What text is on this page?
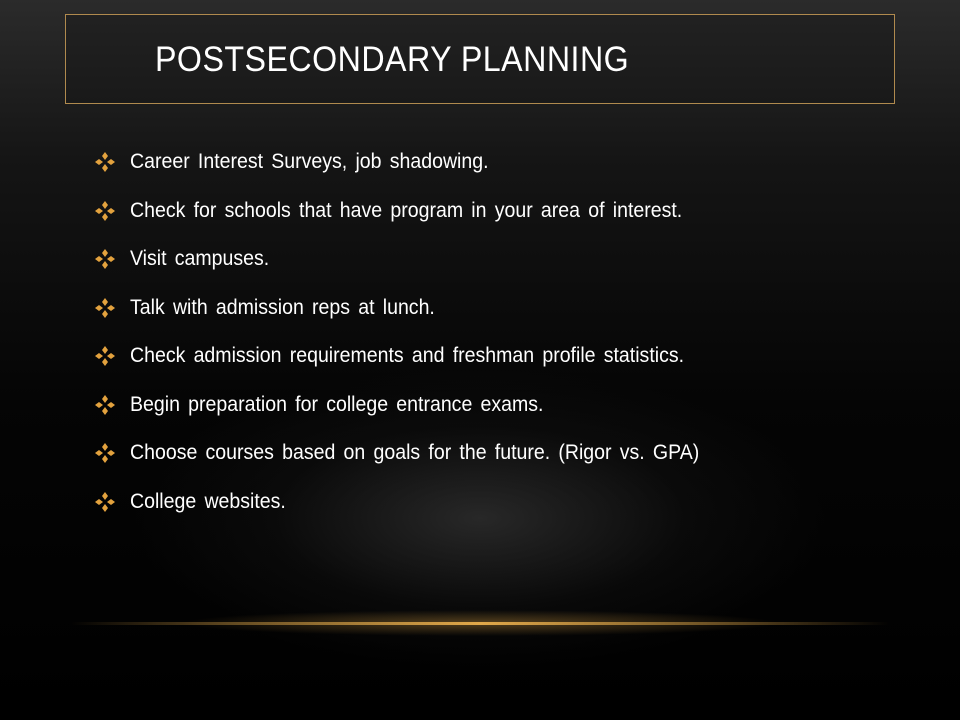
POSTSECONDARY PLANNING
Career Interest Surveys, job shadowing.
Check for schools that have program in your area of interest.
Visit campuses.
Talk with admission reps at lunch.
Check admission requirements and freshman profile statistics.
Begin preparation for college entrance exams.
Choose courses based on goals for the future. (Rigor vs. GPA)
College websites.
